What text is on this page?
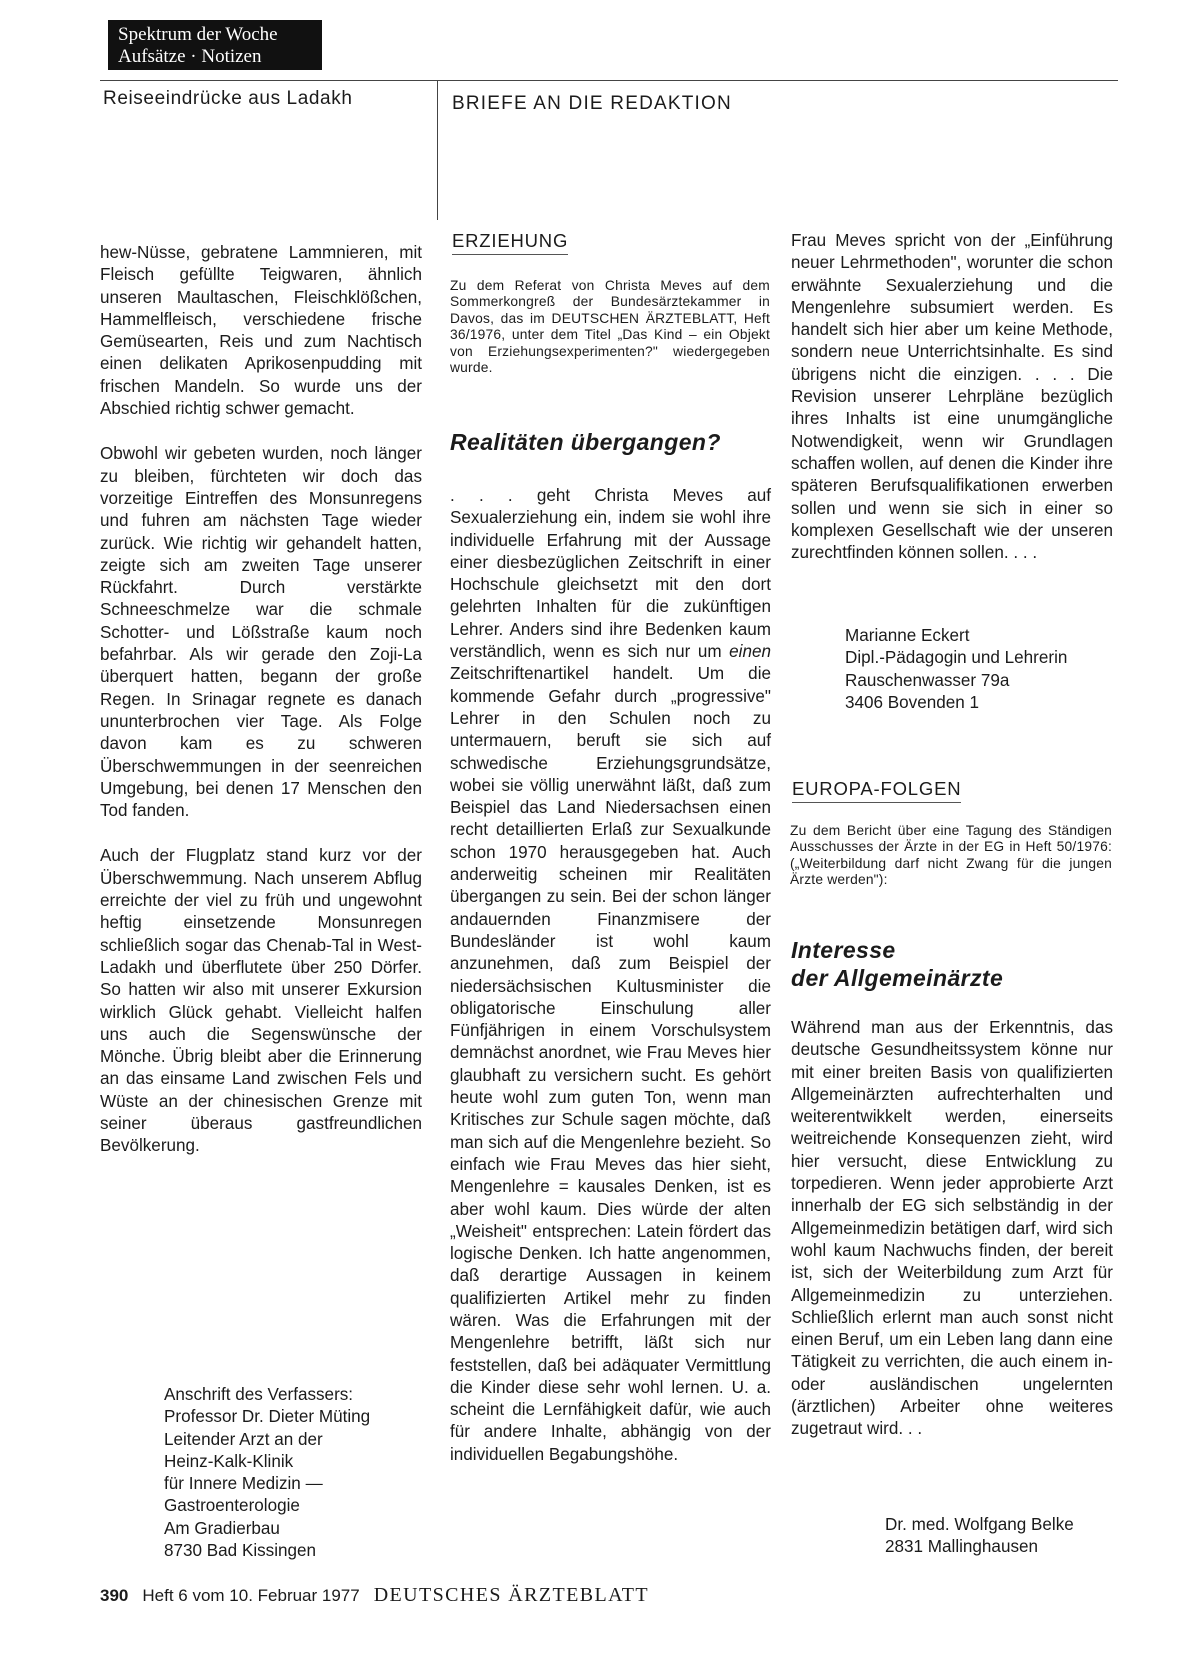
Spektrum der Woche
Aufsätze · Notizen
Reiseeindrücke aus Ladakh	BRIEFE AN DIE REDAKTION

hew-Nüsse, gebratene Lammnieren, mit Fleisch gefüllte Teigwaren, ähnlich unseren Maultaschen, Fleischklößchen, Hammelfleisch, verschiedene frische Gemüsearten, Reis und zum Nachtisch einen delikaten Aprikosenpudding mit frischen Mandeln. So wurde uns der Abschied richtig schwer gemacht.

Obwohl wir gebeten wurden, noch länger zu bleiben, fürchteten wir doch das vorzeitige Eintreffen des Monsunregens und fuhren am nächsten Tage wieder zurück. Wie richtig wir gehandelt hatten, zeigte sich am zweiten Tage unserer Rückfahrt. Durch verstärkte Schneeschmelze war die schmale Schotter- und Lößstraße kaum noch befahrbar. Als wir gerade den Zoji-La überquert hatten, begann der große Regen. In Srinagar regnete es danach ununterbrochen vier Tage. Als Folge davon kam es zu schweren Überschwemmungen in der seenreichen Umgebung, bei denen 17 Menschen den Tod fanden.

Auch der Flugplatz stand kurz vor der Überschwemmung. Nach unserem Abflug erreichte der viel zu früh und ungewohnt heftig einsetzende Monsunregen schließlich sogar das Chenab-Tal in West-Ladakh und überflutete über 250 Dörfer. So hatten wir also mit unserer Exkursion wirklich Glück gehabt. Vielleicht halfen uns auch die Segenswünsche der Mönche. Übrig bleibt aber die Erinnerung an das einsame Land zwischen Fels und Wüste an der chinesischen Grenze mit seiner überaus gastfreundlichen Bevölkerung.

Anschrift des Verfassers:
Professor Dr. Dieter Müting
Leitender Arzt an der
Heinz-Kalk-Klinik
für Innere Medizin —
Gastroenterologie
Am Gradierbau
8730 Bad Kissingen
ERZIEHUNG
Zu dem Referat von Christa Meves auf dem Sommerkongreß der Bundesärztekammer in Davos, das im DEUTSCHEN ÄRZTEBLATT, Heft 36/1976, unter dem Titel „Das Kind – ein Objekt von Erziehungsexperimenten?" wiedergegeben wurde.
Realitäten übergangen?

. . . geht Christa Meves auf Sexualerziehung ein, indem sie wohl ihre individuelle Erfahrung mit der Aussage einer diesbezüglichen Zeitschrift in einer Hochschule gleichsetzt mit den dort gelehrten Inhalten für die zukünftigen Lehrer. Anders sind ihre Bedenken kaum verständlich, wenn es sich nur um einen Zeitschriftenartikel handelt. Um die kommende Gefahr durch „progressive" Lehrer in den Schulen noch zu untermauern, beruft sie sich auf schwedische Erziehungsgrundsätze, wobei sie völlig unerwähnt läßt, daß zum Beispiel das Land Niedersachsen einen recht detaillierten Erlaß zur Sexualkunde schon 1970 herausgegeben hat. Auch anderweitig scheinen mir Realitäten übergangen zu sein. Bei der schon länger andauernden Finanzmisere der Bundesländer ist wohl kaum anzunehmen, daß zum Beispiel der niedersächsischen Kultusminister die obligatorische Einschulung aller Fünfjährigen in einem Vorschulsystem demnächst anordnet, wie Frau Meves hier glaubhaft zu versichern sucht. Es gehört heute wohl zum guten Ton, wenn man Kritisches zur Schule sagen möchte, daß man sich auf die Mengenlehre bezieht. So einfach wie Frau Meves das hier sieht, Mengenlehre = kausales Denken, ist es aber wohl kaum. Dies würde der alten „Weisheit" entsprechen: Latein fördert das logische Denken. Ich hatte angenommen, daß derartige Aussagen in keinem qualifizierten Artikel mehr zu finden wären. Was die Erfahrungen mit der Mengenlehre betrifft, läßt sich nur feststellen, daß bei adäquater Vermittlung die Kinder diese sehr wohl lernen. U. a. scheint die Lernfähigkeit dafür, wie auch für andere Inhalte, abhängig von der individuellen Begabungshöhe.

Frau Meves spricht von der „Einführung neuer Lehrmethoden", worunter die schon erwähnte Sexualerziehung und die Mengenlehre subsumiert werden. Es handelt sich hier aber um keine Methode, sondern neue Unterrichtsinhalte. Es sind übrigens nicht die einzigen. . . . Die Revision unserer Lehrpläne bezüglich ihres Inhalts ist eine unumgängliche Notwendigkeit, wenn wir Grundlagen schaffen wollen, auf denen die Kinder ihre späteren Berufsqualifikationen erwerben sollen und wenn sie sich in einer so komplexen Gesellschaft wie der unseren zurechtfinden können sollen. . . .

Marianne Eckert
Dipl.-Pädagogin und Lehrerin
Rauschenwasser 79a
3406 Bovenden 1
EUROPA-FOLGEN
Zu dem Bericht über eine Tagung des Ständigen Ausschusses der Ärzte in der EG in Heft 50/1976: („Weiterbildung darf nicht Zwang für die jungen Ärzte werden"):
Interesse
der Allgemeinärzte

Während man aus der Erkenntnis, das deutsche Gesundheitssystem könne nur mit einer breiten Basis von qualifizierten Allgemeinärzten aufrechterhalten und weiterentwikkelt werden, einerseits weitreichende Konsequenzen zieht, wird hier versucht, diese Entwicklung zu torpedieren. Wenn jeder approbierte Arzt innerhalb der EG sich selbständig in der Allgemeinmedizin betätigen darf, wird sich wohl kaum Nachwuchs finden, der bereit ist, sich der Weiterbildung zum Arzt für Allgemeinmedizin zu unterziehen. Schließlich erlernt man auch sonst nicht einen Beruf, um ein Leben lang dann eine Tätigkeit zu verrichten, die auch einem in- oder ausländischen ungelernten (ärztlichen) Arbeiter ohne weiteres zugetraut wird. . .

Dr. med. Wolfgang Belke
2831 Mallinghausen
390 Heft 6 vom 10. Februar 1977 DEUTSCHES ÄRZTEBLATT
